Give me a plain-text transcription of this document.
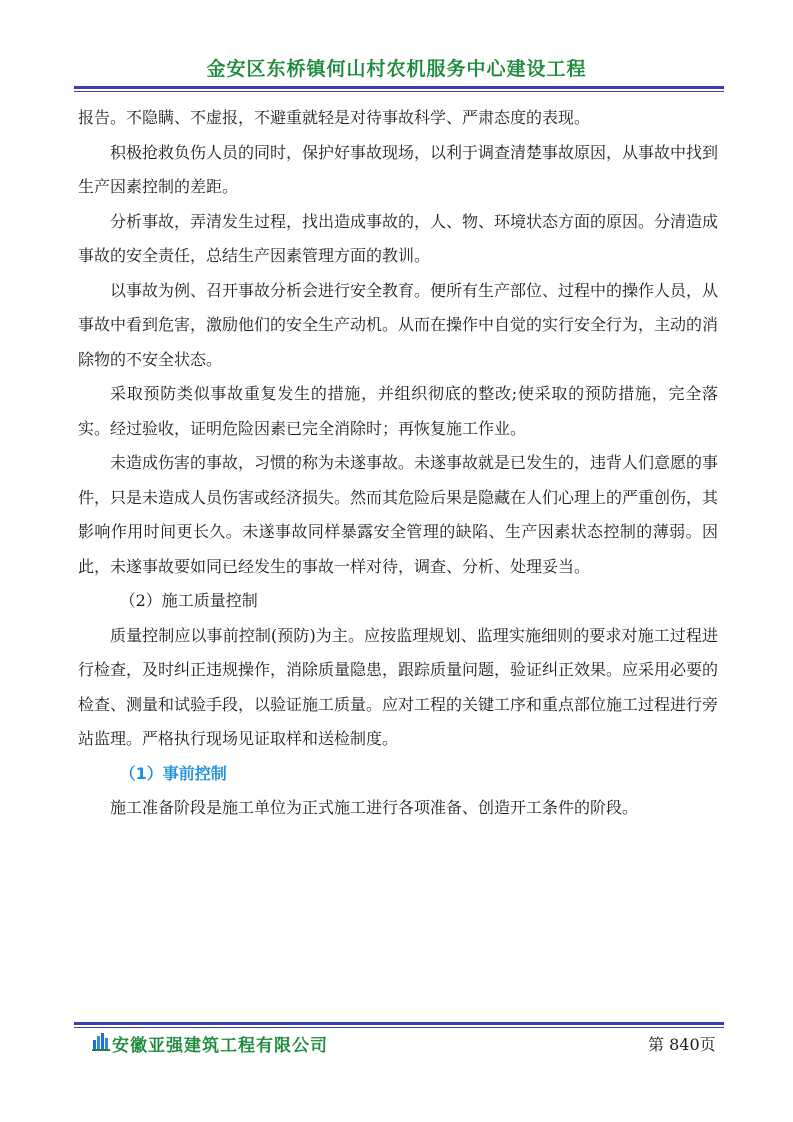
金安区东桥镇何山村农机服务中心建设工程

报告。不隐瞒、不虚报，不避重就轻是对待事故科学、严肃态度的表现。

积极抢救负伤人员的同时，保护好事故现场，以利于调查清楚事故原因，从事故中找到生产因素控制的差距。

分析事故，弄清发生过程，找出造成事故的，人、物、环境状态方面的原因。分清造成事故的安全责任，总结生产因素管理方面的教训。

以事故为例、召开事故分析会进行安全教育。便所有生产部位、过程中的操作人员，从事故中看到危害，激励他们的安全生产动机。从而在操作中自觉的实行安全行为，主动的消除物的不安全状态。

采取预防类似事故重复发生的措施，并组织彻底的整改;使采取的预防措施，完全落实。经过验收，证明危险因素已完全消除时；再恢复施工作业。

未造成伤害的事故，习惯的称为未遂事故。未遂事故就是已发生的，违背人们意愿的事件，只是未造成人员伤害或经济损失。然而其危险后果是隐藏在人们心理上的严重创伤，其影响作用时间更长久。未遂事故同样暴露安全管理的缺陷、生产因素状态控制的薄弱。因此，未遂事故要如同已经发生的事故一样对待，调查、分析、处理妥当。

（2）施工质量控制

质量控制应以事前控制(预防)为主。应按监理规划、监理实施细则的要求对施工过程进行检查，及时纠正违规操作，消除质量隐患，跟踪质量问题，验证纠正效果。应采用必要的检查、测量和试验手段，以验证施工质量。应对工程的关键工序和重点部位施工过程进行旁站监理。严格执行现场见证取样和送检制度。

（1）事前控制

施工准备阶段是施工单位为正式施工进行各项准备、创造开工条件的阶段。

安徽亚强建筑工程有限公司	第 840页
